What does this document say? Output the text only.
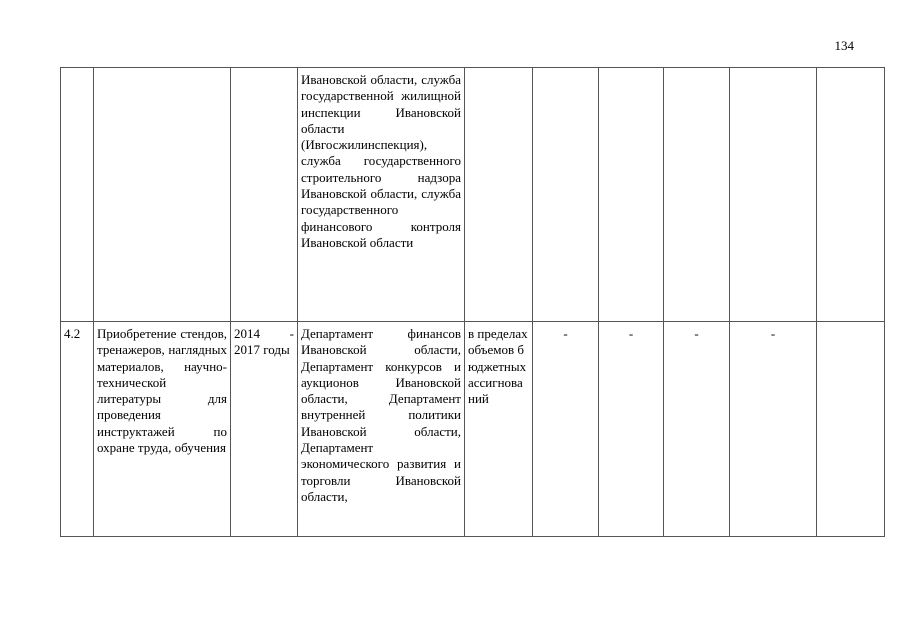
134
			Ивановской области, служба государственной жилищной инспекции Ивановской области (Ивгосжилинспекция), служба государственного строительного надзора Ивановской области, служба государственного финансового контроля Ивановской области						
4.2	Приобретение стендов, тренажеров, наглядных материалов, научно-технической литературы для проведения инструктажей по охране труда, обучения	2014 - 2017 годы	Департамент финансов Ивановской области, Департамент конкурсов и аукционов Ивановской области, Департамент внутренней политики Ивановской области, Департамент экономического развития и торговли Ивановской области,	в пределах объемов бюджетных ассигнований	-	-	-	-	
